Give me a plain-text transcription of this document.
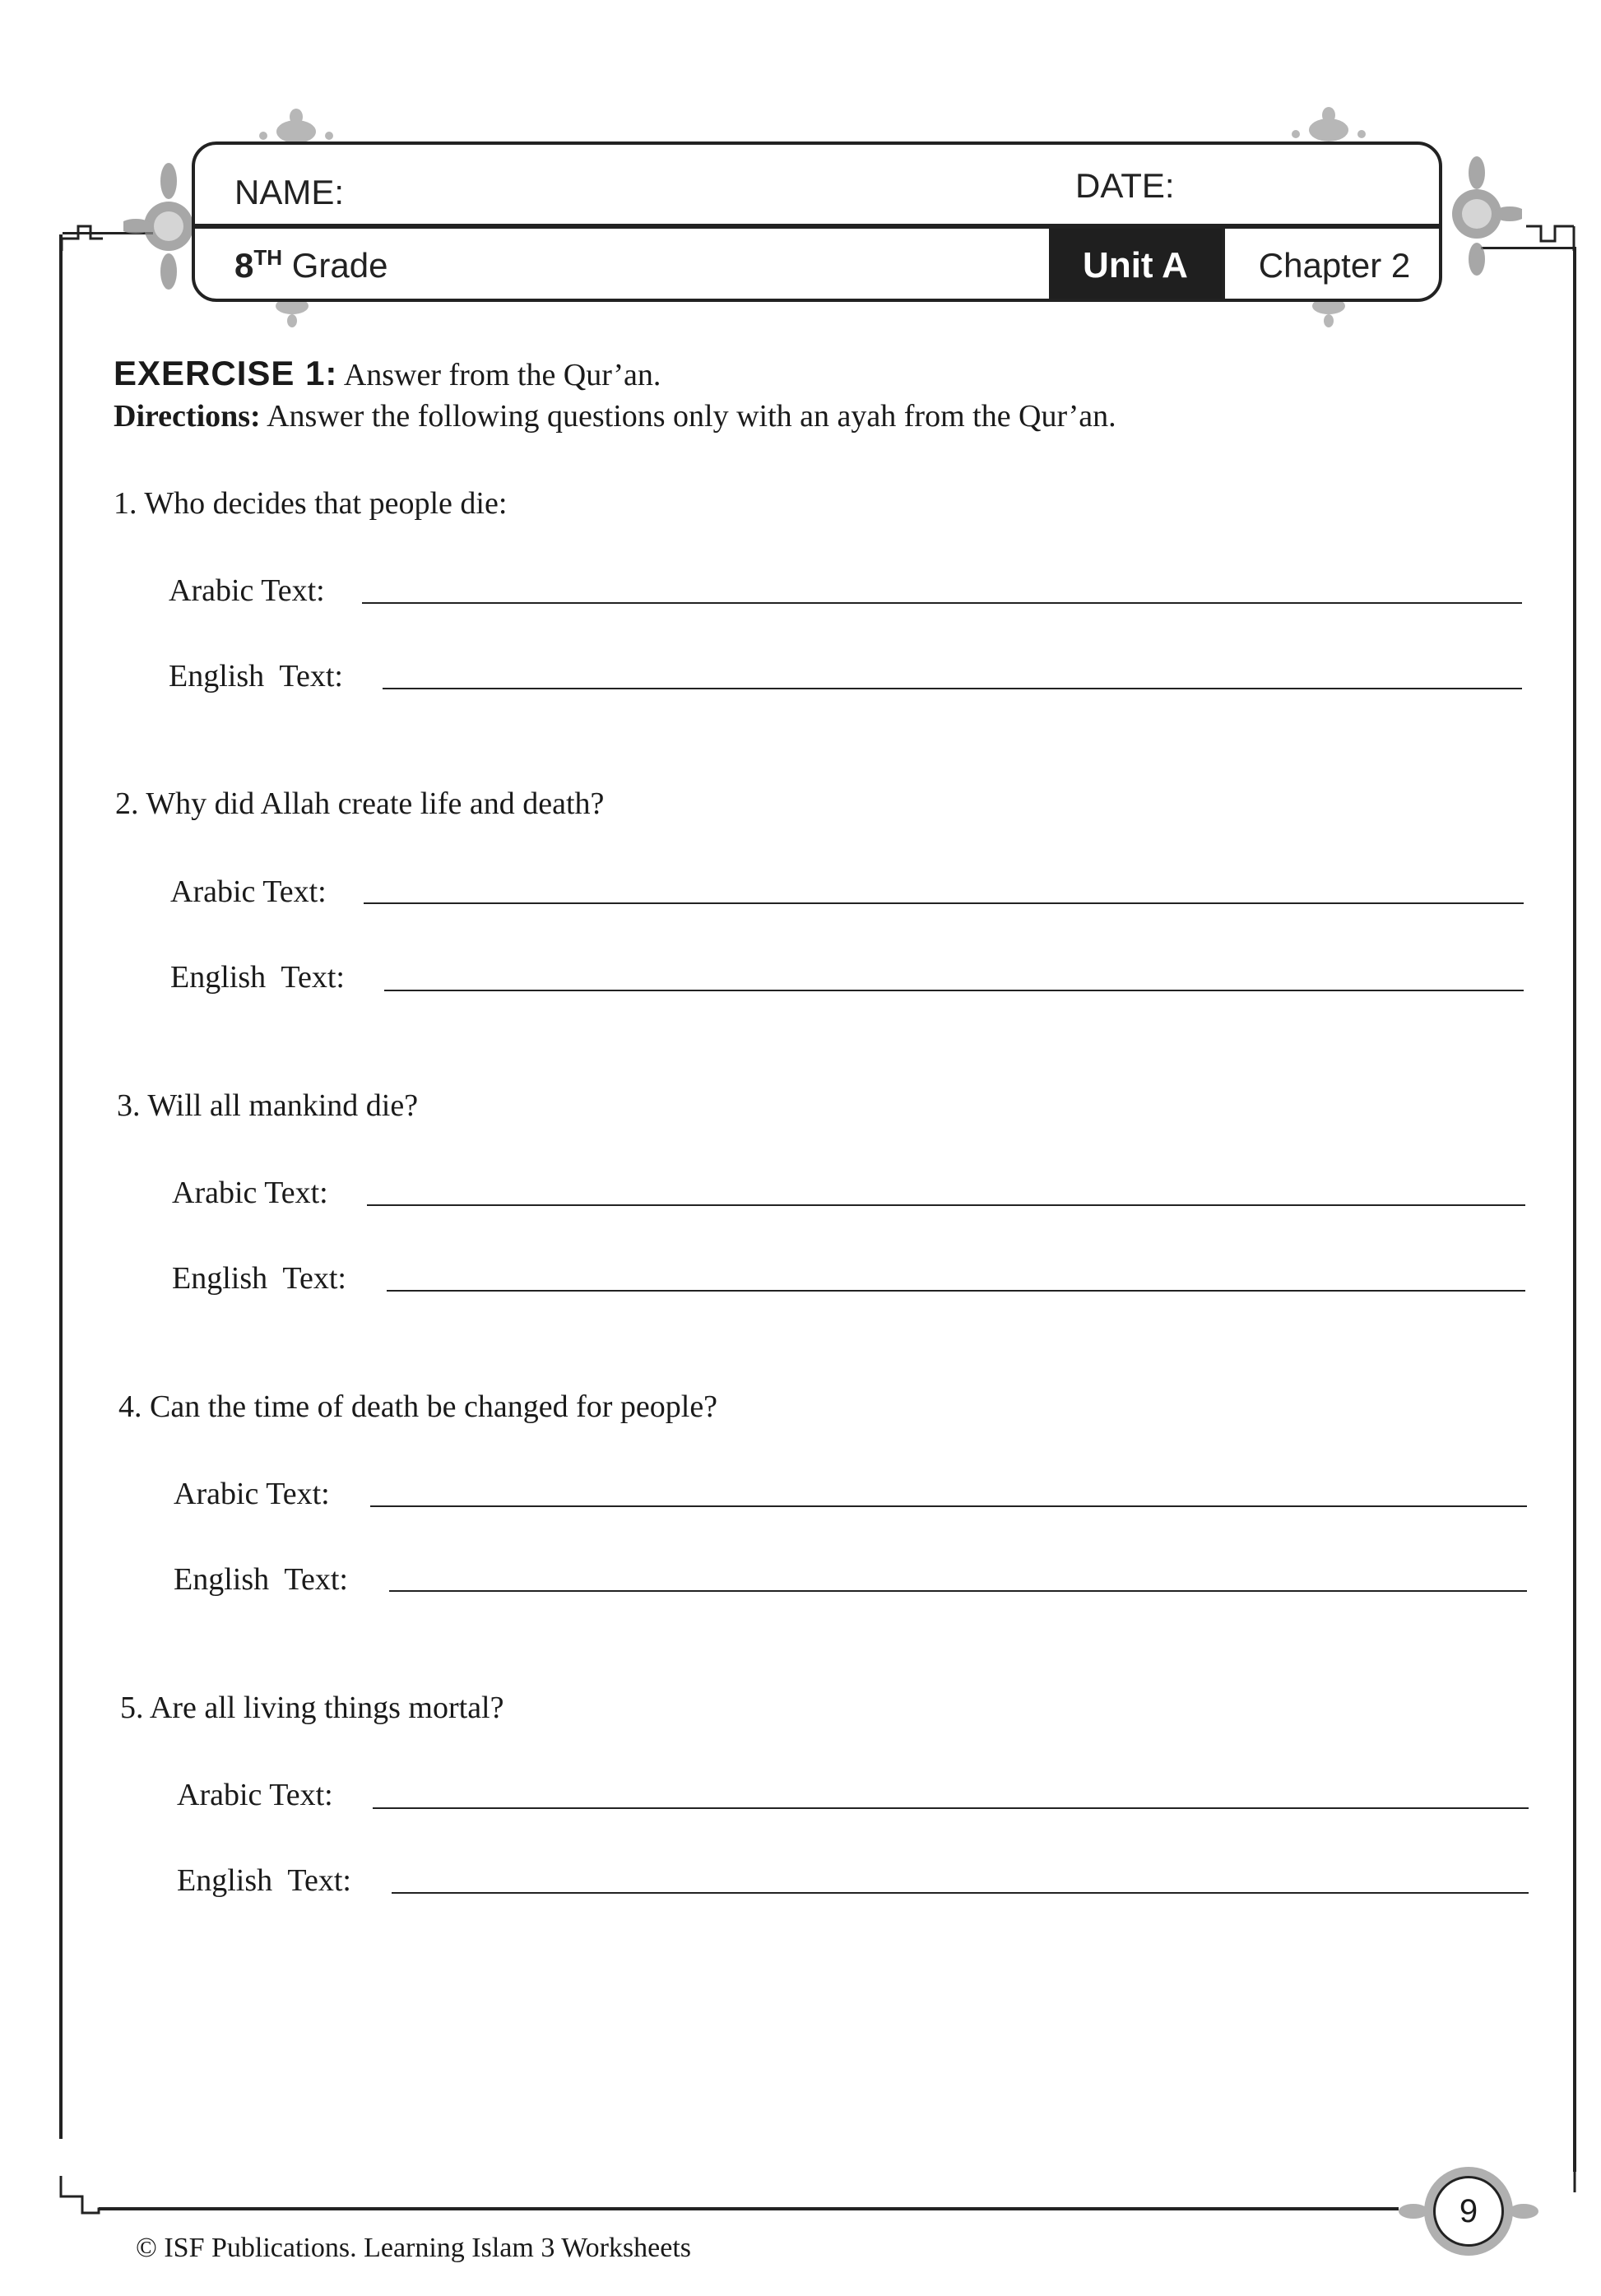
NAME:	DATE:
8TH Grade	Unit A	Chapter 2
EXERCISE 1: Answer from the Qur’an.
Directions: Answer the following questions only with an ayah from the Qur’an.
1. Who decides that people die:
Arabic Text:
English  Text:
2. Why did Allah create life and death?
Arabic Text:
English  Text:
3. Will all mankind die?
Arabic Text:
English  Text:
4. Can the time of death be changed for people?
Arabic Text:
English  Text:
5. Are all living things mortal?
Arabic Text:
English  Text:
9
© ISF Publications. Learning Islam 3 Worksheets
